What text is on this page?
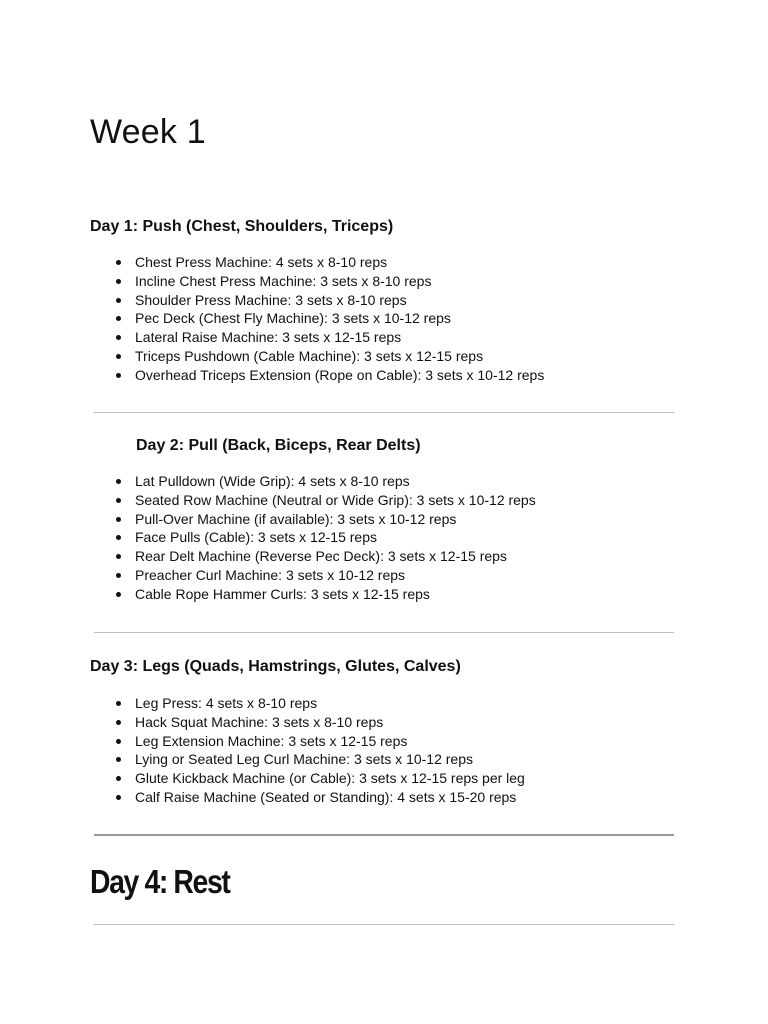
Week 1
Day 1: Push (Chest, Shoulders, Triceps)
Chest Press Machine: 4 sets x 8-10 reps
Incline Chest Press Machine: 3 sets x 8-10 reps
Shoulder Press Machine: 3 sets x 8-10 reps
Pec Deck (Chest Fly Machine): 3 sets x 10-12 reps
Lateral Raise Machine: 3 sets x 12-15 reps
Triceps Pushdown (Cable Machine): 3 sets x 12-15 reps
Overhead Triceps Extension (Rope on Cable): 3 sets x 10-12 reps
Day 2: Pull (Back, Biceps, Rear Delts)
Lat Pulldown (Wide Grip): 4 sets x 8-10 reps
Seated Row Machine (Neutral or Wide Grip): 3 sets x 10-12 reps
Pull-Over Machine (if available): 3 sets x 10-12 reps
Face Pulls (Cable): 3 sets x 12-15 reps
Rear Delt Machine (Reverse Pec Deck): 3 sets x 12-15 reps
Preacher Curl Machine: 3 sets x 10-12 reps
Cable Rope Hammer Curls: 3 sets x 12-15 reps
Day 3: Legs (Quads, Hamstrings, Glutes, Calves)
Leg Press: 4 sets x 8-10 reps
Hack Squat Machine: 3 sets x 8-10 reps
Leg Extension Machine: 3 sets x 12-15 reps
Lying or Seated Leg Curl Machine: 3 sets x 10-12 reps
Glute Kickback Machine (or Cable): 3 sets x 12-15 reps per leg
Calf Raise Machine (Seated or Standing): 4 sets x 15-20 reps
Day 4: Rest
